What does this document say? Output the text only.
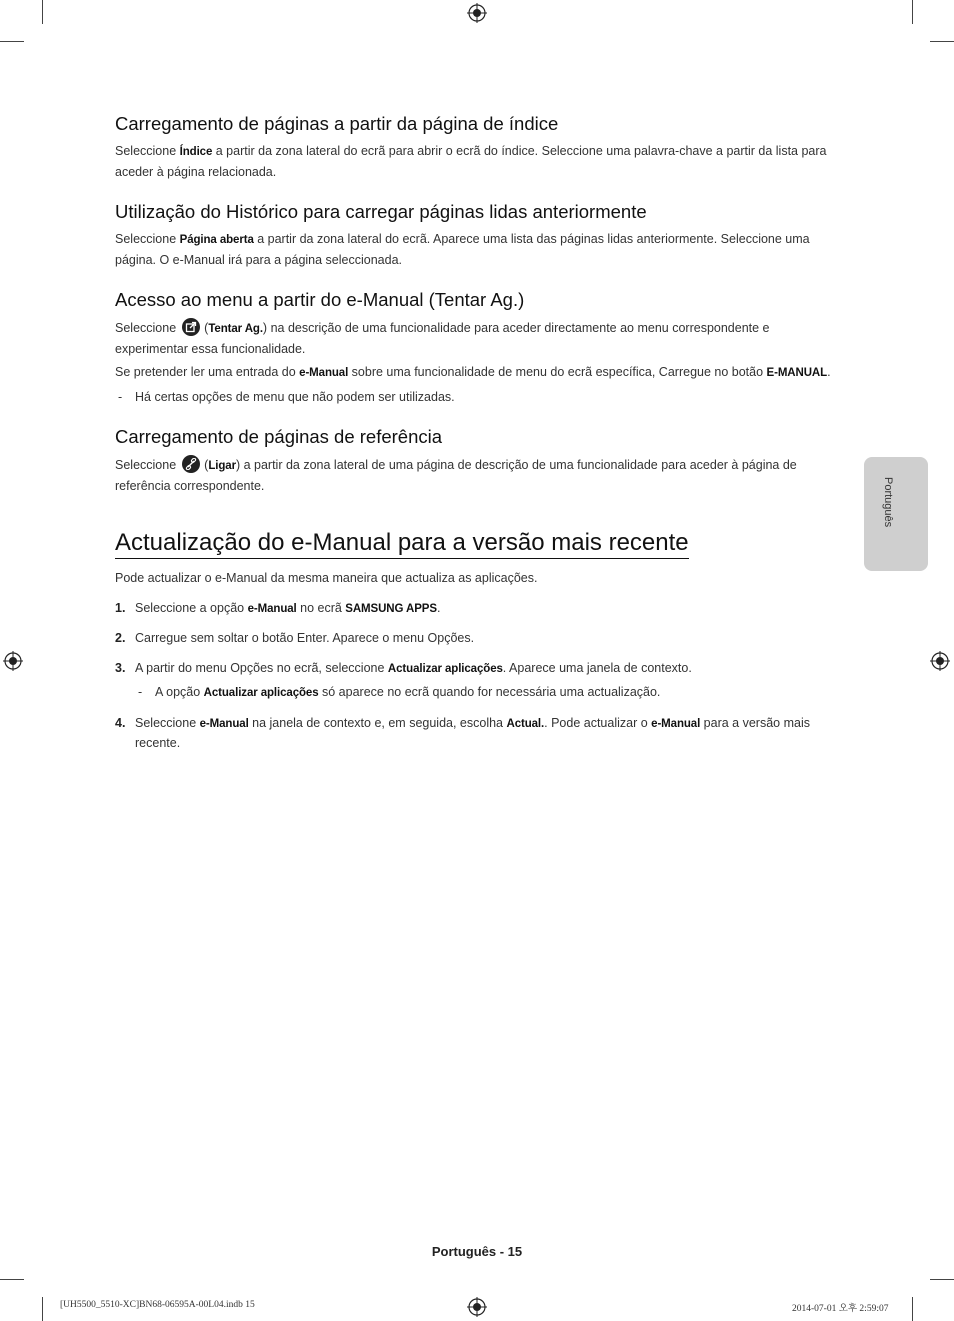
Carregamento de páginas a partir da página de índice

Seleccione Índice a partir da zona lateral do ecrã para abrir o ecrã do índice. Seleccione uma palavra-chave a partir da lista para aceder à página relacionada.

Utilização do Histórico para carregar páginas lidas anteriormente

Seleccione Página aberta a partir da zona lateral do ecrã. Aparece uma lista das páginas lidas anteriormente. Seleccione uma página. O e-Manual irá para a página seleccionada.

Acesso ao menu a partir do e-Manual (Tentar Ag.)

Seleccione (Tentar Ag.) na descrição de uma funcionalidade para aceder directamente ao menu correspondente e experimentar essa funcionalidade.

Se pretender ler uma entrada do e-Manual sobre uma funcionalidade de menu do ecrã específica, Carregue no botão E-MANUAL.

- Há certas opções de menu que não podem ser utilizadas.

Carregamento de páginas de referência

Seleccione (Ligar) a partir da zona lateral de uma página de descrição de uma funcionalidade para aceder à página de referência correspondente.

Actualização do e-Manual para a versão mais recente

Pode actualizar o e-Manual da mesma maneira que actualiza as aplicações.

1. Seleccione a opção e-Manual no ecrã SAMSUNG APPS.

2. Carregue sem soltar o botão Enter. Aparece o menu Opções.

3. A partir do menu Opções no ecrã, seleccione Actualizar aplicações. Aparece uma janela de contexto.

- A opção Actualizar aplicações só aparece no ecrã quando for necessária uma actualização.

4. Seleccione e-Manual na janela de contexto e, em seguida, escolha Actual.. Pode actualizar o e-Manual para a versão mais recente.

Português
Português - 15
[UH5500_5510-XC]BN68-06595A-00L04.indb 15	2014-07-01 오후 2:59:07
